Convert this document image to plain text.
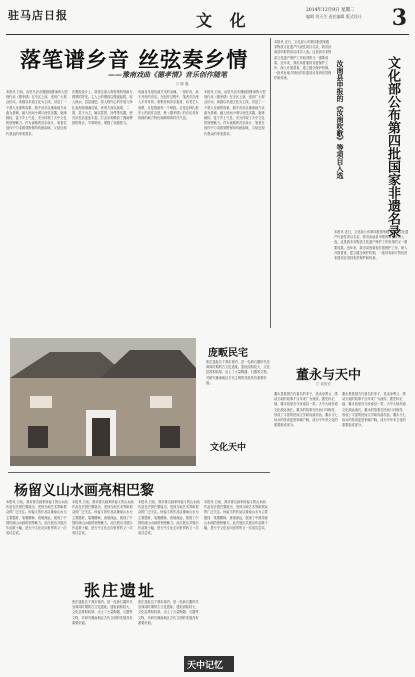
驻马店日报	文 化
2014年12月9日 星期二
编辑 刘天生 责任编辑 版式设计 3
落笔谱乡音 丝弦奏乡情
——豫南戏曲《德孝情》音乐创作随笔
□ 陈 鑫
本报讯 日前，由驻马店市豫剧团排演的大型现代戏《德孝情》在市区上演，受到广大观众好评。该剧以孝道文化为主线，讲述了一个感人至深的故事。剧中音乐以豫南地方戏曲为基调，融入民间小调与丝弦乐器，旋律婉转，富于乡土气息，充分体现了天中文化的独特魅力。作为该剧的音乐设计，笔者在创作中力求做到既保持传统韵味，又贴近现代观众的审美需求。
在唱腔设计上，笔者注重人物性格的刻画与情感的抒发。主人公的唱段以慢板起腔，转入流水，层层递进，将人物内心的矛盾与挣扎表现得淋漓尽致。伴奏方面以板胡、二胡、笛子为主，辅以琵琶、扬琴等乐器，使音乐色彩更加丰富。打击乐则吸收了豫南锣鼓的特点，节奏明快，增强了戏剧张力。
戏曲音乐是戏曲艺术的灵魂。一部好戏，离不开好的音乐。在创作过程中，笔者多次深入乡村采风，收集民间音乐素材，向老艺人请教，反复推敲每一个唱段。正是这种扎根乡土的创作态度，使《德孝情》的音乐具有浓郁的地方特色和鲜明的时代气息。
本报讯 日前，由驻马店市豫剧团排演的大型现代戏《德孝情》在市区上演，受到广大观众好评。该剧以孝道文化为主线，讲述了一个感人至深的故事。剧中音乐以豫南地方戏曲为基调，融入民间小调与丝弦乐器，旋律婉转，富于乡土气息，充分体现了天中文化的独特魅力。作为该剧的音乐设计，笔者在创作中力求做到既保持传统韵味，又贴近现代观众的审美需求。	文化部公布第四批国家非遗名录
汝南县申报的《汝南吹歌》等项目入选
本报讯 近日，文化部公布第四批国家级非物质文化遗产代表性项目名录，我市汝南县申报的项目成功入选。这是我市非物质文化遗产保护工作取得的又一重要成果。近年来，我市高度重视非遗保护工作，深入开展普查，建立健全保护机制，一批具有地方特色的非遗项目得到有效保护和传承。
本报讯 近日，文化部公布第四批国家级非物质文化遗产代表性项目名录，我市汝南县申报的项目成功入选。这是我市非物质文化遗产保护工作取得的又一重要成果。近年来，我市高度重视非遗保护工作，深入开展普查，建立健全保护机制，一批具有地方特色的非遗项目得到有效保护和传承。
庞畈民宅
张庄遗址位于我市境内，是一处新石器时代至商周时期的古文化遗址。遗址面积较大，文化层堆积较厚，出土了大量陶器、石器等文物，对研究豫南地区古代文明的发展具有重要价值。
文化天中
董永与天中
□ 刘庆宏
董永是我国古代著名的孝子，其卖身葬父、感动天地的故事千百年来广为流传。据史料记载，董永故里在今汝南县一带。天中大地孝道文化源远流长，董永的故事在民间口耳相传，形成了丰富的民间文学和戏曲作品。董永与七仙女的传说更是家喻户晓，成为中华孝文化的重要组成部分。
董永是我国古代著名的孝子，其卖身葬父、感动天地的故事千百年来广为流传。据史料记载，董永故里在今汝南县一带。天中大地孝道文化源远流长，董永的故事在民间口耳相传，形成了丰富的民间文学和戏曲作品。董永与七仙女的传说更是家喻户晓，成为中华孝文化的重要组成部分。
杨留义山水画亮相巴黎
本报讯 日前，我市著名画家杨留义的山水画作品在法国巴黎展出，受到当地艺术界和观众的广泛关注。杨留义的作品以豫南山水为主要题材，笔墨酣畅，意境深远，展现了中国传统山水画的独特魅力。此次展出共展出作品数十幅，是天中文化走向世界的又一次成功尝试。
本报讯 日前，我市著名画家杨留义的山水画作品在法国巴黎展出，受到当地艺术界和观众的广泛关注。杨留义的作品以豫南山水为主要题材，笔墨酣畅，意境深远，展现了中国传统山水画的独特魅力。此次展出共展出作品数十幅，是天中文化走向世界的又一次成功尝试。
本报讯 日前，我市著名画家杨留义的山水画作品在法国巴黎展出，受到当地艺术界和观众的广泛关注。杨留义的作品以豫南山水为主要题材，笔墨酣畅，意境深远，展现了中国传统山水画的独特魅力。此次展出共展出作品数十幅，是天中文化走向世界的又一次成功尝试。
本报讯 日前，我市著名画家杨留义的山水画作品在法国巴黎展出，受到当地艺术界和观众的广泛关注。杨留义的作品以豫南山水为主要题材，笔墨酣畅，意境深远，展现了中国传统山水画的独特魅力。此次展出共展出作品数十幅，是天中文化走向世界的又一次成功尝试。
张庄遗址
张庄遗址位于我市境内，是一处新石器时代至商周时期的古文化遗址。遗址面积较大，文化层堆积较厚，出土了大量陶器、石器等文物，对研究豫南地区古代文明的发展具有重要价值。
张庄遗址位于我市境内，是一处新石器时代至商周时期的古文化遗址。遗址面积较大，文化层堆积较厚，出土了大量陶器、石器等文物，对研究豫南地区古代文明的发展具有重要价值。
天中记忆
